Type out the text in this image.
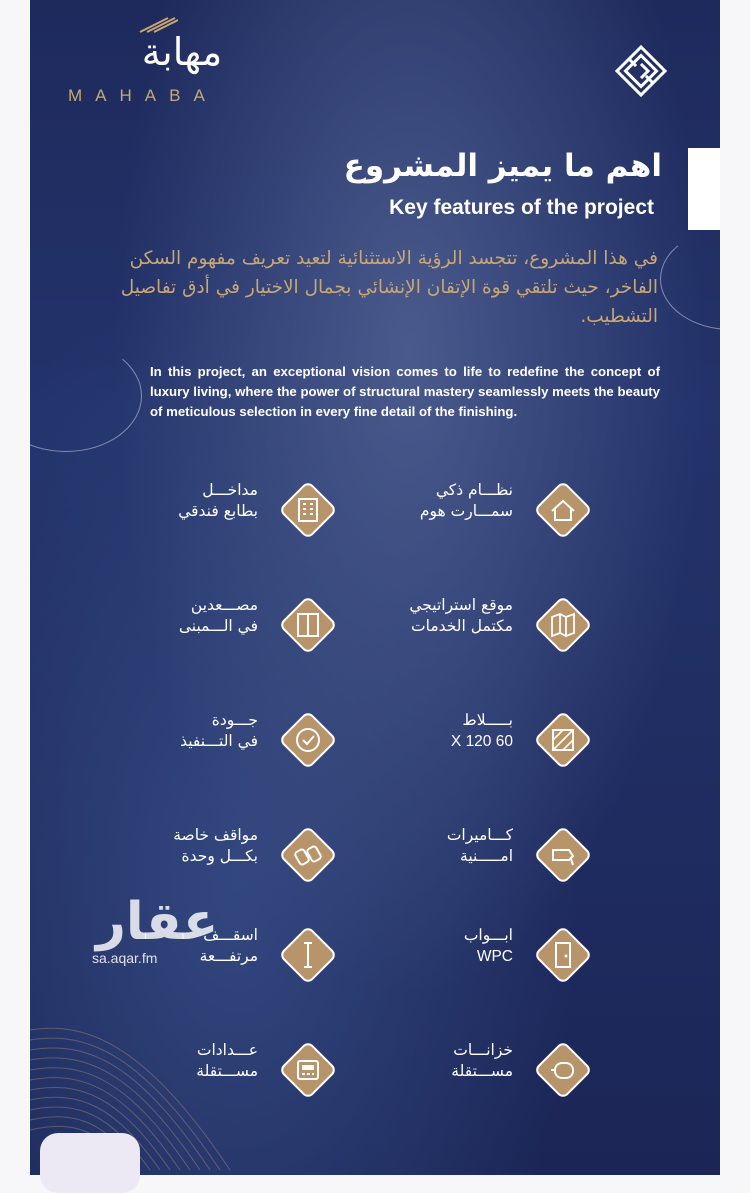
مهابة
MAHABA
اهم ما يميز المشروع
Key features of the project
في هذا المشروع، تتجسد الرؤية الاستثنائية لتعيد تعريف مفهوم السكن الفاخر، حيث تلتقي قوة الإتقان الإنشائي بجمال الاختيار في أدق تفاصيل التشطيب.
In this project, an exceptional vision comes to life to redefine the concept of luxury living, where the power of structural mastery seamlessly meets the beauty of meticulous selection in every fine detail of the finishing.
نظـــام ذكي
سمـــارت هوم
مداخـــل
بطابع فندقي
موقع استراتيجي
مكتمل الخدمات
مصـــعدين
في الـــمبنى
بـــــلاط
60 X 120
جـــودة
في التـــنفيذ
كـــاميرات
امـــــنية
مواقف خاصة
بكـــل وحدة
ابـــواب
WPC
اسقـــف
مرتفـــعة
خزانـــات
مســـتقلة
عـــدادات
مســـتقلة
عقار
sa.aqar.fm
